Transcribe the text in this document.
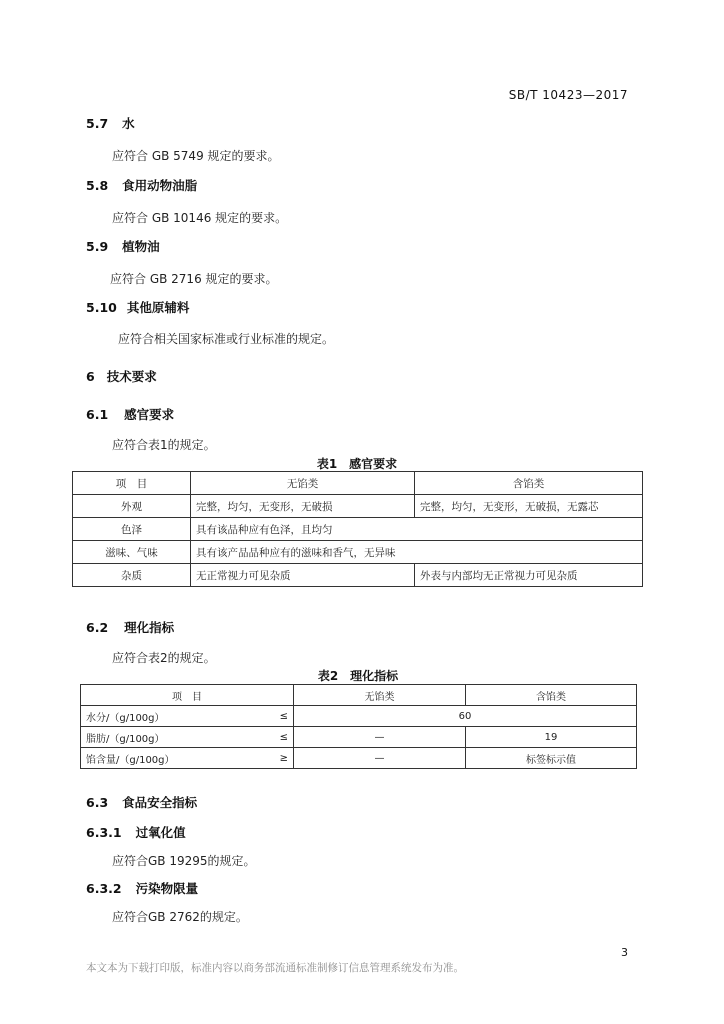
SB/T 10423—2017
5.7 水
应符合 GB 5749 规定的要求。
5.8 食用动物油脂
应符合 GB 10146 规定的要求。
5.9 植物油
应符合 GB 2716 规定的要求。
5.10 其他原辅料
应符合相关国家标准或行业标准的规定。
6 技术要求
6.1 感官要求
应符合表1的规定。
表1　感官要求
项　目	无馅类	含馅类
外观	完整，均匀，无变形，无破损	完整，均匀，无变形，无破损，无露芯
色泽	具有该品种应有色泽，且均匀	
滋味、气味	具有该产品品种应有的滋味和香气，无异味	
杂质	无正常视力可见杂质	外表与内部均无正常视力可见杂质
6.2 理化指标
应符合表2的规定。
表2　理化指标
项　目		无馅类	含馅类
水分/（g/100g）	≤	60	
脂肪/（g/100g）	≤	—	19
馅含量/（g/100g）	≥	—	标签标示值
6.3 食品安全指标
6.3.1 过氧化值
应符合GB 19295的规定。
6.3.2 污染物限量
应符合GB 2762的规定。
3
本文本为下载打印版，标准内容以商务部流通标准制修订信息管理系统发布为准。
